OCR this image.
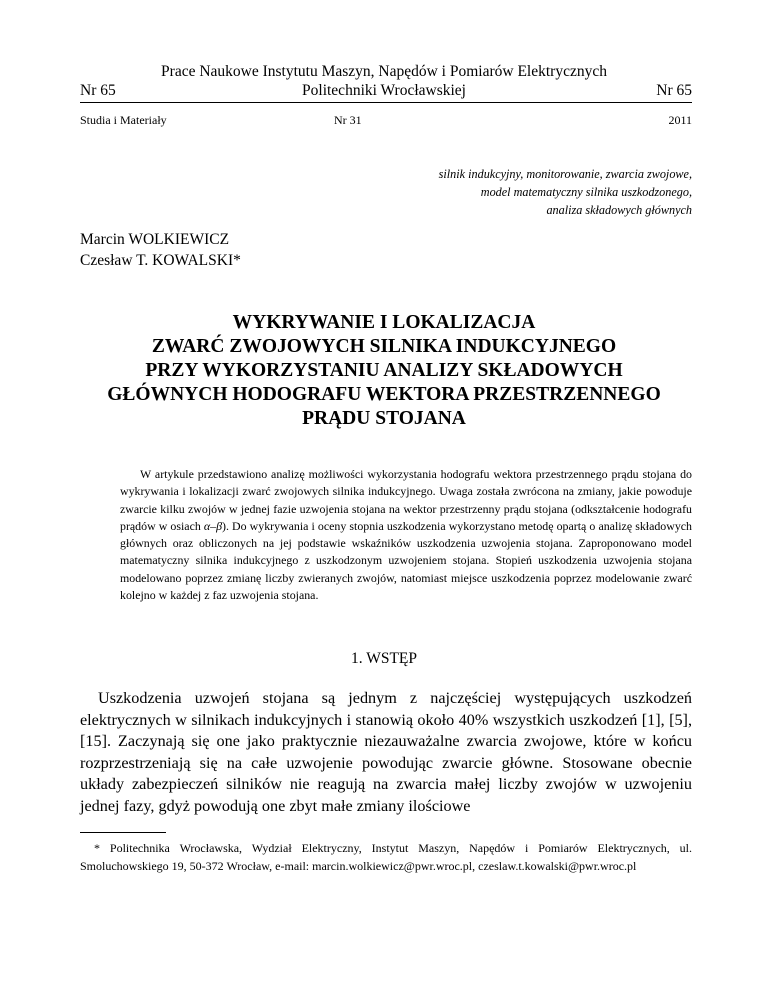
Prace Naukowe Instytutu Maszyn, Napędów i Pomiarów Elektrycznych
Politechniki Wrocławskiej
Nr 65	Nr 65
Studia i Materiały	Nr 31	2011
silnik indukcyjny, monitorowanie, zwarcia zwojowe,
model matematyczny silnika uszkodzonego,
analiza składowych głównych
Marcin WOLKIEWICZ
Czesław T. KOWALSKI*
WYKRYWANIE I LOKALIZACJA
ZWARĆ ZWOJOWYCH SILNIKA INDUKCYJNEGO
PRZY WYKORZYSTANIU ANALIZY SKŁADOWYCH
GŁÓWNYCH HODOGRAFU WEKTORA PRZESTRZENNEGO
PRĄDU STOJANA
W artykule przedstawiono analizę możliwości wykorzystania hodografu wektora przestrzennego prądu stojana do wykrywania i lokalizacji zwarć zwojowych silnika indukcyjnego. Uwaga została zwrócona na zmiany, jakie powoduje zwarcie kilku zwojów w jednej fazie uzwojenia stojana na wektor przestrzenny prądu stojana (odkształcenie hodografu prądów w osiach α–β). Do wykrywania i oceny stopnia uszkodzenia wykorzystano metodę opartą o analizę składowych głównych oraz obliczonych na jej podstawie wskaźników uszkodzenia uzwojenia stojana. Zaproponowano model matematyczny silnika indukcyjnego z uszkodzonym uzwojeniem stojana. Stopień uszkodzenia uzwojenia stojana modelowano poprzez zmianę liczby zwieranych zwojów, natomiast miejsce uszkodzenia poprzez modelowanie zwarć kolejno w każdej z faz uzwojenia stojana.
1. WSTĘP
Uszkodzenia uzwojeń stojana są jednym z najczęściej występujących uszkodzeń elektrycznych w silnikach indukcyjnych i stanowią około 40% wszystkich uszkodzeń [1], [5], [15]. Zaczynają się one jako praktycznie niezauważalne zwarcia zwojowe, które w końcu rozprzestrzeniają się na całe uzwojenie powodując zwarcie główne. Stosowane obecnie układy zabezpieczeń silników nie reagują na zwarcia małej liczby zwojów w uzwojeniu jednej fazy, gdyż powodują one zbyt małe zmiany ilościowe
* Politechnika Wrocławska, Wydział Elektryczny, Instytut Maszyn, Napędów i Pomiarów Elektrycznych, ul. Smoluchowskiego 19, 50-372 Wrocław, e-mail: marcin.wolkiewicz@pwr.wroc.pl, czeslaw.t.kowalski@pwr.wroc.pl
